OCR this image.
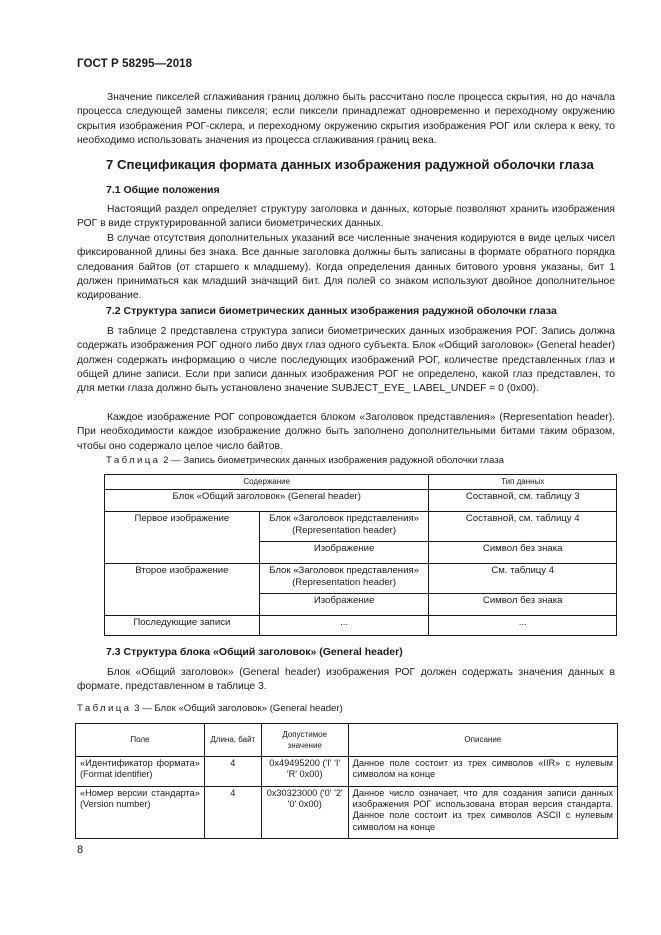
ГОСТ Р 58295—2018
Значение пикселей сглаживания границ должно быть рассчитано после процесса скрытия, но до начала процесса следующей замены пикселя; если пиксели принадлежат одновременно и переходному окружению скрытия изображения РОГ-склера, и переходному окружению скрытия изображения РОГ или склера к веку, то необходимо использовать значения из процесса сглаживания границ века.
7 Спецификация формата данных изображения радужной оболочки глаза
7.1 Общие положения
Настоящий раздел определяет структуру заголовка и данных, которые позволяют хранить изображения РОГ в виде структурированной записи биометрических данных.
В случае отсутствия дополнительных указаний все численные значения кодируются в виде целых чисел фиксированной длины без знака. Все данные заголовка должны быть записаны в формате обратного порядка следования байтов (от старшего к младшему). Когда определения данных битового уровня указаны, бит 1 должен приниматься как младший значащий бит. Для полей со знаком используют двойное дополнительное кодирование.
7.2 Структура записи биометрических данных изображения радужной оболочки глаза
В таблице 2 представлена структура записи биометрических данных изображения РОГ. Запись должна содержать изображения РОГ одного либо двух глаз одного субъекта. Блок «Общий заголовок» (General header) должен содержать информацию о числе последующих изображений РОГ, количестве представленных глаз и общей длине записи. Если при записи данных изображения РОГ не определено, какой глаз представлен, то для метки глаза должно быть установлено значение SUBJECT_EYE_ LABEL_UNDEF = 0 (0x00).
Каждое изображение РОГ сопровождается блоком «Заголовок представления» (Representation header). При необходимости каждое изображение должно быть заполнено дополнительными битами таким образом, чтобы оно содержало целое число байтов.
Таблица 2 — Запись биометрических данных изображения радужной оболочки глаза
Содержание		Тип данных
Блок «Общий заголовок» (General header)		Составной, см. таблицу 3
Первое изображение	Блок «Заголовок представления» (Representation header)	Составной, см. таблицу 4
	Изображение	Символ без знака
Второе изображение	Блок «Заголовок представления» (Representation header)	См. таблицу 4
	Изображение	Символ без знака
Последующие записи	...	...
7.3 Структура блока «Общий заголовок» (General header)
Блок «Общий заголовок» (General header) изображения РОГ должен содержать значения данных в формате, представленном в таблице 3.
Таблица 3 — Блок «Общий заголовок» (General header)
Поле	Длина, байт	Допустимое значение	Описание
«Идентификатор формата» (Format identifier)	4	0x49495200 ('I' 'I' 'R' 0x00)	Данное поле состоит из трех символов «IIR» с нулевым символом на конце
«Номер версии стандарта» (Version number)	4	0x30323000 ('0' '2' '0' 0x00)	Данное число означает, что для создания записи данных изображения РОГ использована вторая версия стандарта. Данное поле состоит из трех символов ASCII с нулевым символом на конце
8
